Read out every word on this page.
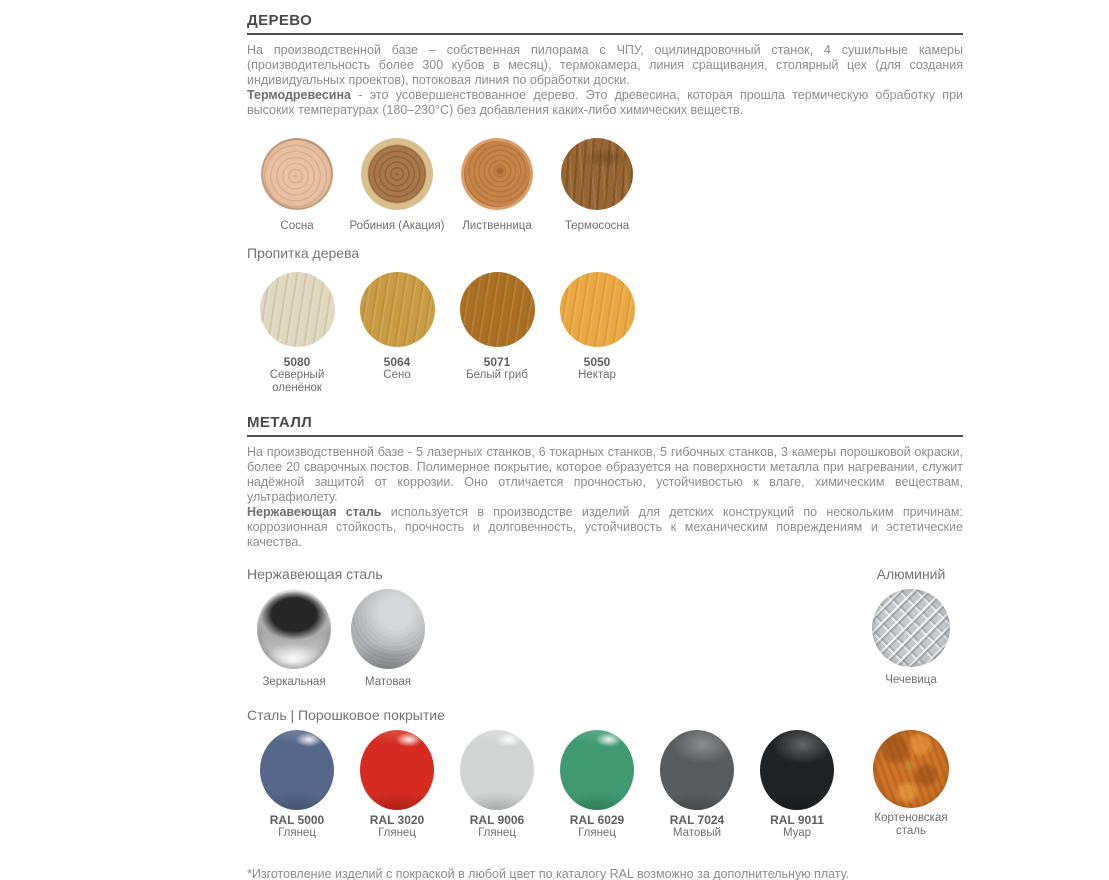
ДЕРЕВО

На производственной базе – собственная пилорама с ЧПУ, оцилиндровочный станок, 4 сушильные камеры (производительность более 300 кубов в месяц), термокамера, линия сращивания, столярный цех (для создания индивидуальных проектов), потоковая линия по обработки доски.

Термодревесина - это усовершенствованное дерево. Это древесина, которая прошла термическую обработку при высоких температурах (180–230°С) без добавления каких-либо химических веществ.

Сосна	Робиния (Акация) Лиственница	Термососна
Пропитка дерева
5080
Северный оленёнок
5064
Сено
5071
Белый гриб
5050
Нектар
МЕТАЛЛ

На производственной базе - 5 лазерных станков, 6 токарных станков, 5 гибочных станков, 3 камеры порошковой окраски, более 20 сварочных постов. Полимерное покрытие, которое образуется на поверхности металла при нагревании, служит надёжной защитой от коррозии. Оно отличается прочностью, устойчивостью к влаге, химическим веществам, ультрафиолету.

Нержавеющая сталь используется в производстве изделий для детских конструкций по нескольким причинам: коррозионная стойкость, прочность и долговечность, устойчивость к механическим повреждениям и эстетические качества.

Нержавеющая сталь
Зеркальная	Матовая
Алюминий
Чечевица
Сталь | Порошковое покрытие
RAL 5000
Глянец
RAL 3020
Глянец
RAL 9006
Глянец
RAL 6029
Глянец
RAL 7024
Матовый
RAL 9011
Муар
Кортеновская сталь

*Изготовление изделий с покраской в любой цвет по каталогу RAL возможно за дополнительную плату.
